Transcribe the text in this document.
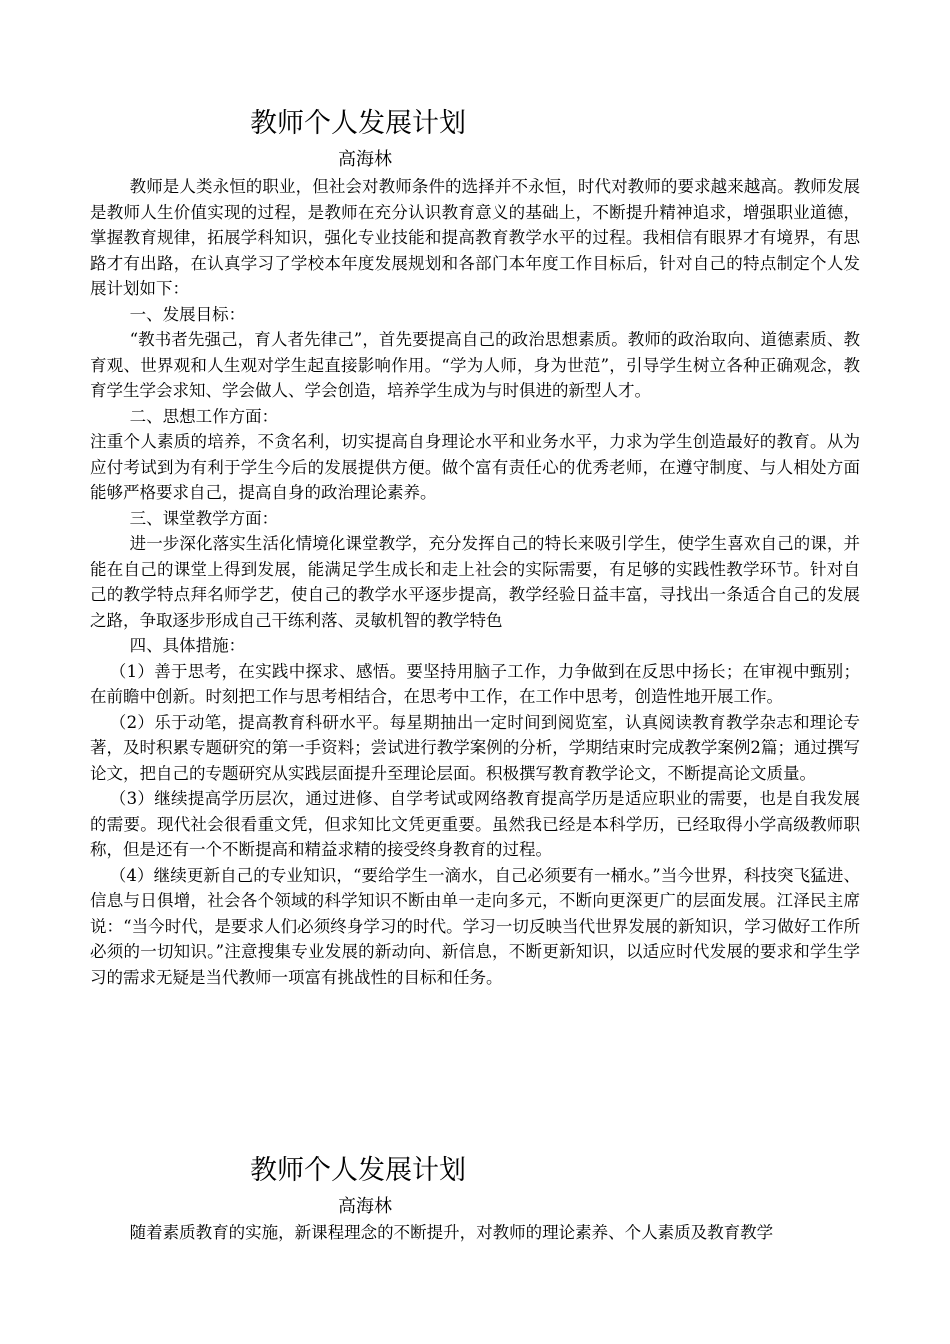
教师个人发展计划
高海林

教师是人类永恒的职业，但社会对教师条件的选择并不永恒，时代对教师的要求越来越高。教师发展是教师人生价值实现的过程，是教师在充分认识教育意义的基础上，不断提升精神追求，增强职业道德，掌握教育规律，拓展学科知识，强化专业技能和提高教育教学水平的过程。我相信有眼界才有境界，有思路才有出路，在认真学习了学校本年度发展规划和各部门本年度工作目标后，针对自己的特点制定个人发展计划如下：

一、发展目标：

“教书者先强己，育人者先律己”，首先要提高自己的政治思想素质。教师的政治取向、道德素质、教育观、世界观和人生观对学生起直接影响作用。“学为人师，身为世范”，引导学生树立各种正确观念，教育学生学会求知、学会做人、学会创造，培养学生成为与时俱进的新型人才。

二、思想工作方面：

注重个人素质的培养，不贪名利，切实提高自身理论水平和业务水平，力求为学生创造最好的教育。从为应付考试到为有利于学生今后的发展提供方便。做个富有责任心的优秀老师，在遵守制度、与人相处方面能够严格要求自己，提高自身的政治理论素养。

三、课堂教学方面：

进一步深化落实生活化情境化课堂教学，充分发挥自己的特长来吸引学生，使学生喜欢自己的课，并能在自己的课堂上得到发展，能满足学生成长和走上社会的实际需要，有足够的实践性教学环节。针对自己的教学特点拜名师学艺，使自己的教学水平逐步提高，教学经验日益丰富，寻找出一条适合自己的发展之路，争取逐步形成自己干练利落、灵敏机智的教学特色

四、具体措施：

（1）善于思考，在实践中探求、感悟。要坚持用脑子工作，力争做到在反思中扬长；在审视中甄别；在前瞻中创新。时刻把工作与思考相结合，在思考中工作，在工作中思考，创造性地开展工作。

（2）乐于动笔，提高教育科研水平。每星期抽出一定时间到阅览室，认真阅读教育教学杂志和理论专著，及时积累专题研究的第一手资料；尝试进行教学案例的分析，学期结束时完成教学案例2篇；通过撰写论文，把自己的专题研究从实践层面提升至理论层面。积极撰写教育教学论文，不断提高论文质量。

（3）继续提高学历层次，通过进修、自学考试或网络教育提高学历是适应职业的需要，也是自我发展的需要。现代社会很看重文凭，但求知比文凭更重要。虽然我已经是本科学历，已经取得小学高级教师职称，但是还有一个不断提高和精益求精的接受终身教育的过程。

（4）继续更新自己的专业知识，“要给学生一滴水，自己必须要有一桶水。”当今世界，科技突飞猛进、信息与日俱增，社会各个领域的科学知识不断由单一走向多元，不断向更深更广的层面发展。江泽民主席说：“当今时代，是要求人们必须终身学习的时代。学习一切反映当代世界发展的新知识，学习做好工作所必须的一切知识。”注意搜集专业发展的新动向、新信息，不断更新知识，以适应时代发展的要求和学生学习的需求无疑是当代教师一项富有挑战性的目标和任务。

教师个人发展计划
高海林

随着素质教育的实施，新课程理念的不断提升，对教师的理论素养、个人素质及教育教学
